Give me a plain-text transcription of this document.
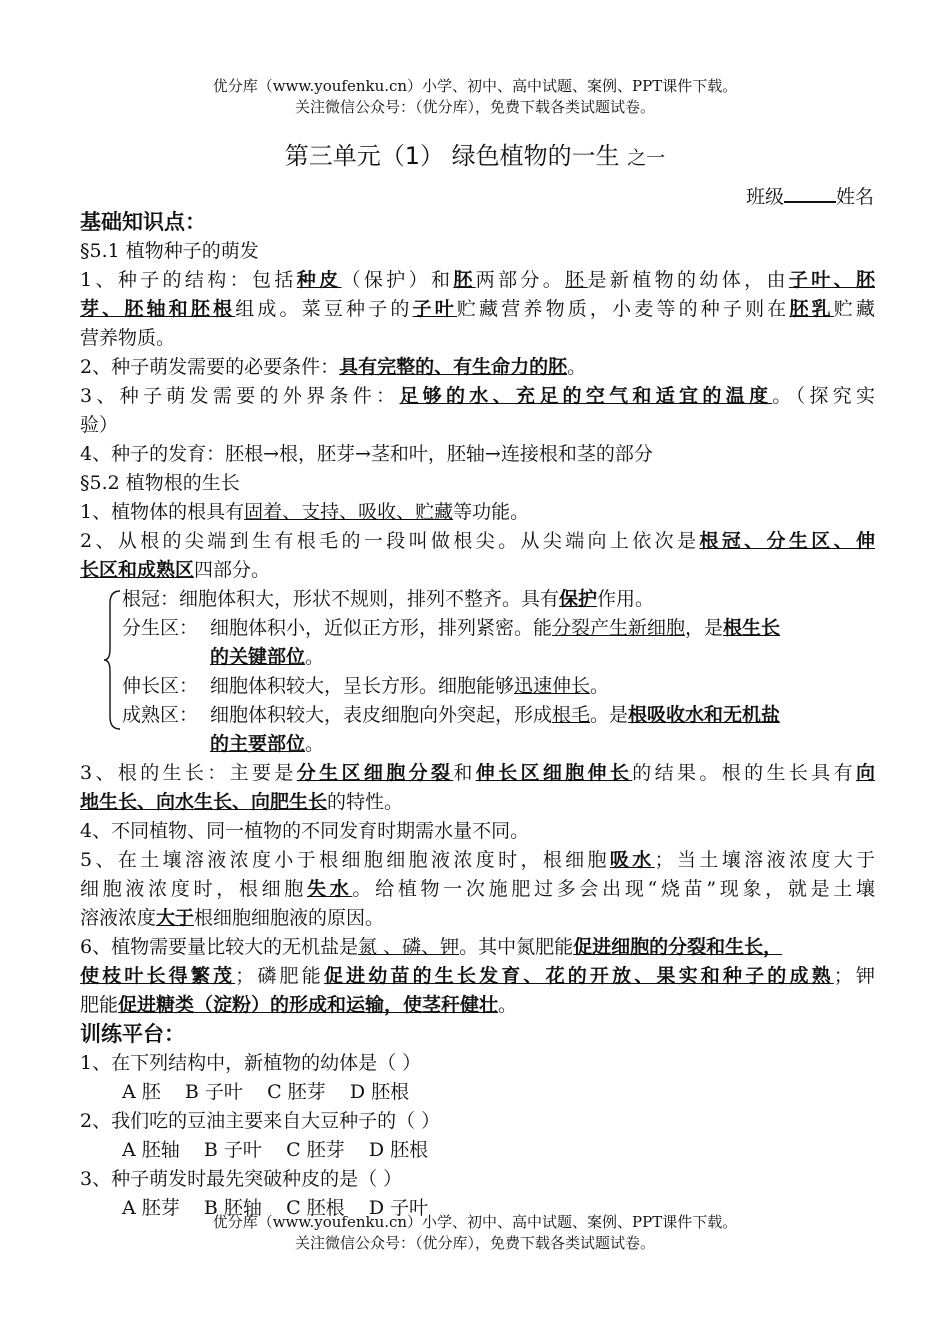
优分库（www.youfenku.cn）小学、初中、高中试题、案例、PPT课件下载。
关注微信公众号：（优分库），免费下载各类试题试卷。
第三单元（1） 绿色植物的一生 之一
班级	姓名
基础知识点：
§5.1 植物种子的萌发
1、种子的结构：包括种皮（保护）和胚两部分。胚是新植物的幼体，由子叶、胚
芽、胚轴和胚根组成。菜豆种子的子叶贮藏营养物质，小麦等的种子则在胚乳贮藏
营养物质。
2、种子萌发需要的必要条件：具有完整的、有生命力的胚。
3、种子萌发需要的外界条件：足够的水、充足的空气和适宜的温度。（探究实
验）
4、种子的发育：胚根→根，胚芽→茎和叶，胚轴→连接根和茎的部分
§5.2 植物根的生长
1、植物体的根具有固着、支持、吸收、贮藏等功能。
2、从根的尖端到生有根毛的一段叫做根尖。从尖端向上依次是根冠、分生区、伸
长区和成熟区四部分。
根冠： 细胞体积大，形状不规则，排列不整齐。具有保护作用。
分生区： 细胞体积小，近似正方形，排列紧密。能分裂产生新细胞，是根生长
的关键部位。
伸长区： 细胞体积较大，呈长方形。细胞能够迅速伸长。
成熟区： 细胞体积较大，表皮细胞向外突起，形成根毛。是根吸收水和无机盐
的主要部位。
3、根的生长：主要是分生区细胞分裂和伸长区细胞伸长的结果。根的生长具有向
地生长、向水生长、向肥生长的特性。
4、不同植物、同一植物的不同发育时期需水量不同。
5、在土壤溶液浓度小于根细胞细胞液浓度时，根细胞吸水；当土壤溶液浓度大于
细胞液浓度时，根细胞失水。给植物一次施肥过多会出现“烧苗”现象，就是土壤
溶液浓度大于根细胞细胞液的原因。
6、植物需要量比较大的无机盐是氮 、磷、钾。其中氮肥能促进细胞的分裂和生长，
使枝叶长得繁茂；磷肥能促进幼苗的生长发育、花的开放、果实和种子的成熟；钾
肥能促进糖类（淀粉）的形成和运输，使茎秆健壮。
训练平台：
1、在下列结构中，新植物的幼体是（ ）
A 胚    B 子叶    C 胚芽    D 胚根
2、我们吃的豆油主要来自大豆种子的（ ）
A 胚轴    B 子叶    C 胚芽    D 胚根
3、种子萌发时最先突破种皮的是（ ）
A 胚芽    B 胚轴    C 胚根    D 子叶
优分库（www.youfenku.cn）小学、初中、高中试题、案例、PPT课件下载。
关注微信公众号：（优分库），免费下载各类试题试卷。
